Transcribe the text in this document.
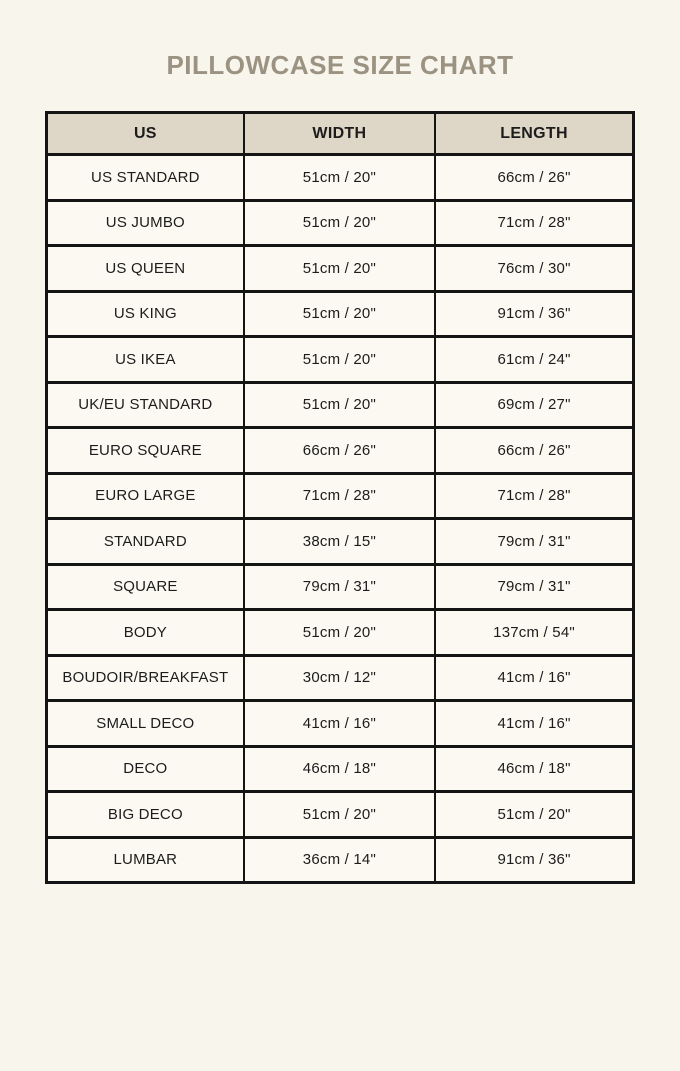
PILLOWCASE SIZE CHART
US	WIDTH	LENGTH
US STANDARD	51cm / 20"	66cm / 26"
US JUMBO	51cm / 20"	71cm / 28"
US QUEEN	51cm / 20"	76cm / 30"
US KING	51cm / 20"	91cm / 36"
US IKEA	51cm / 20"	61cm / 24"
UK/EU STANDARD	51cm / 20"	69cm / 27"
EURO SQUARE	66cm / 26"	66cm / 26"
EURO LARGE	71cm / 28"	71cm / 28"
STANDARD	38cm / 15"	79cm / 31"
SQUARE	79cm / 31"	79cm / 31"
BODY	51cm / 20"	137cm / 54"
BOUDOIR/BREAKFAST	30cm / 12"	41cm / 16"
SMALL DECO	41cm / 16"	41cm / 16"
DECO	46cm / 18"	46cm / 18"
BIG DECO	51cm / 20"	51cm / 20"
LUMBAR	36cm / 14"	91cm / 36"
